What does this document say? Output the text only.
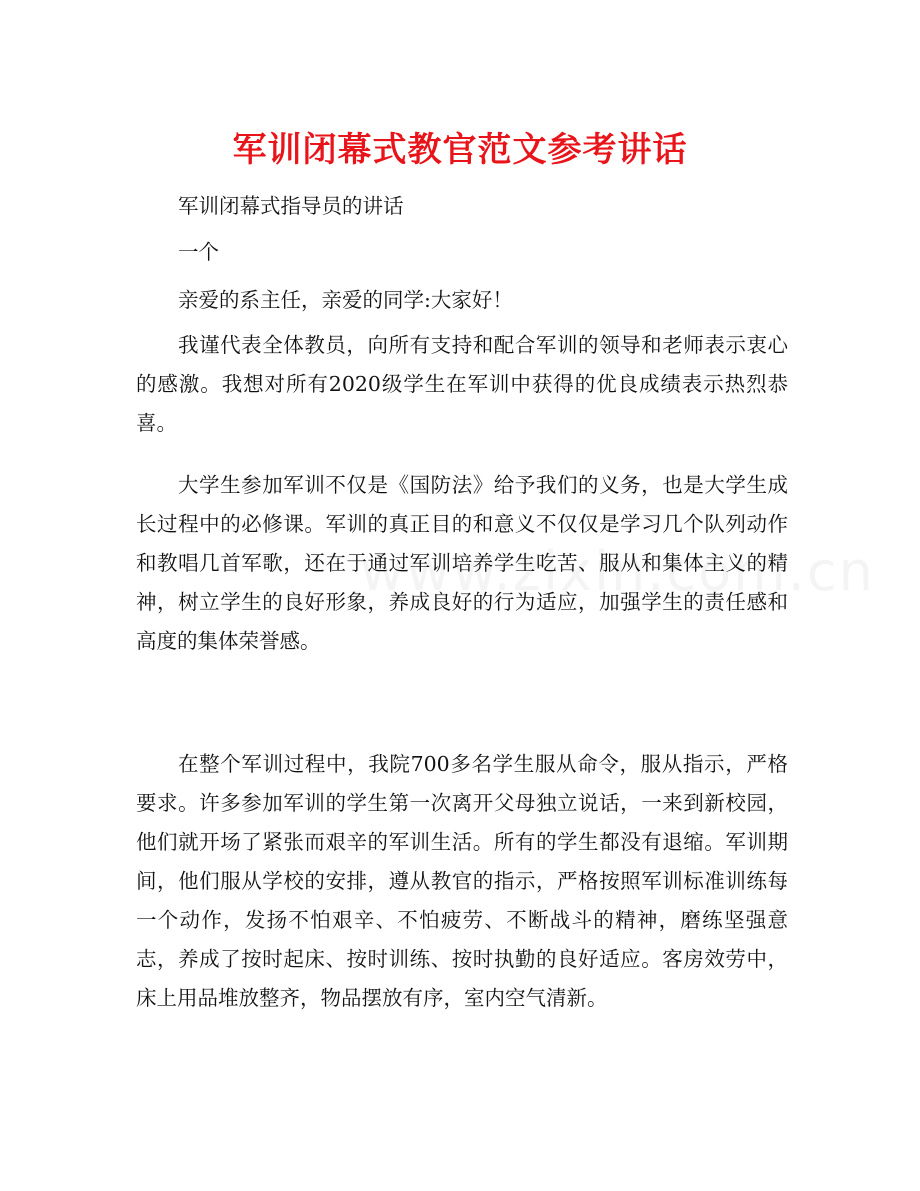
军训闭幕式教官范文参考讲话

军训闭幕式指导员的讲话

一个

亲爱的系主任，亲爱的同学:大家好！

我谨代表全体教员，向所有支持和配合军训的领导和老师表示衷心的感激。我想对所有2020级学生在军训中获得的优良成绩表示热烈恭喜。

大学生参加军训不仅是《国防法》给予我们的义务，也是大学生成长过程中的必修课。军训的真正目的和意义不仅仅是学习几个队列动作和教唱几首军歌，还在于通过军训培养学生吃苦、服从和集体主义的精神，树立学生的良好形象，养成良好的行为适应，加强学生的责任感和高度的集体荣誉感。

在整个军训过程中，我院700多名学生服从命令，服从指示，严格要求。许多参加军训的学生第一次离开父母独立说话，一来到新校园，他们就开场了紧张而艰辛的军训生活。所有的学生都没有退缩。军训期间，他们服从学校的安排，遵从教官的指示，严格按照军训标准训练每一个动作，发扬不怕艰辛、不怕疲劳、不断战斗的精神，磨练坚强意志，养成了按时起床、按时训练、按时执勤的良好适应。客房效劳中，床上用品堆放整齐，物品摆放有序，室内空气清新。
